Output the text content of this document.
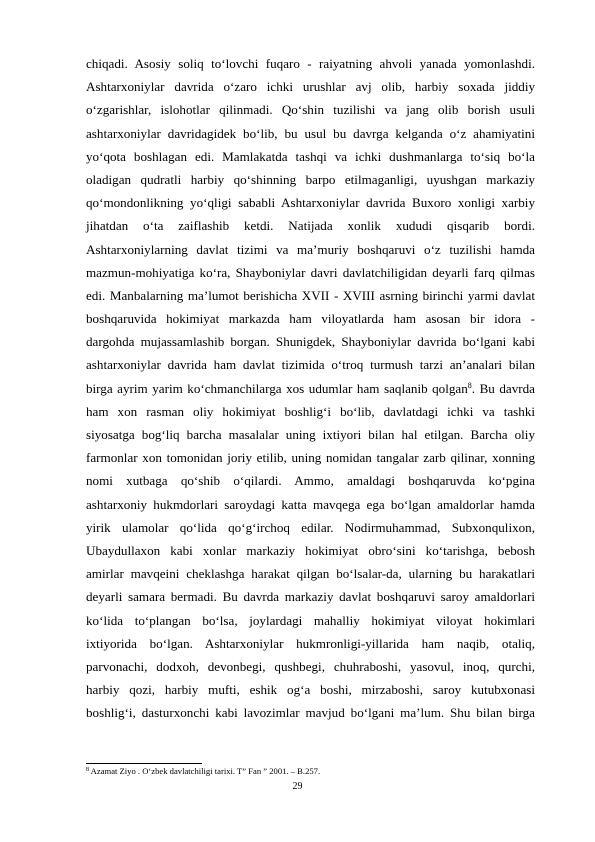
chiqadi. Asosiy soliq to‘lovchi fuqaro - raiyatning ahvoli yanada yomonlashdi.
Ashtarxoniylar davrida o‘zaro ichki urushlar avj olib, harbiy soxada jiddiy
o‘zgarishlar, islohotlar qilinmadi. Qo‘shin tuzilishi va jang olib borish usuli
ashtarxoniylar davridagidek bo‘lib, bu usul bu davrga kelganda o‘z ahamiyatini
yo‘qota boshlagan edi. Mamlakatda tashqi va ichki dushmanlarga to‘siq bo‘la
oladigan qudratli harbiy qo‘shinning barpo etilmaganligi, uyushgan markaziy
qo‘mondonlikning yo‘qligi sababli Ashtarxoniylar davrida Buxoro xonligi xarbiy
jihatdan o‘ta zaiflashib ketdi. Natijada xonlik xududi qisqarib bordi.
Ashtarxoniylarning davlat tizimi va ma’muriy boshqaruvi o‘z tuzilishi hamda
mazmun-mohiyatiga ko‘ra, Shayboniylar davri davlatchiligidan deyarli farq qilmas
edi. Manbalarning ma’lumot berishicha XVII - XVIII asrning birinchi yarmi davlat
boshqaruvida hokimiyat markazda ham viloyatlarda ham asosan bir idora -
dargohda mujassamlashib borgan. Shunigdek, Shayboniylar davrida bo‘lgani kabi
ashtarxoniylar davrida ham davlat tizimida o‘troq turmush tarzi an’analari bilan
birga ayrim yarim ko‘chmanchilarga xos udumlar ham saqlanib qolgan$^8$. Bu davrda
ham xon rasman oliy hokimiyat boshlig‘i bo‘lib, davlatdagi ichki va tashki
siyosatga bog‘liq barcha masalalar uning ixtiyori bilan hal etilgan. Barcha oliy
farmonlar xon tomonidan joriy etilib, uning nomidan tangalar zarb qilinar, xonning
nomi xutbaga qo‘shib o‘qilardi. Ammo, amaldagi boshqaruvda ko‘pgina
ashtarxoniy hukmdorlari saroydagi katta mavqega ega bo‘lgan amaldorlar hamda
yirik ulamolar qo‘lida qo‘g‘irchoq edilar. Nodirmuhammad, Subxonqulixon,
Ubaydullaxon kabi xonlar markaziy hokimiyat obro‘sini ko‘tarishga, bebosh
amirlar mavqeini cheklashga harakat qilgan bo‘lsalar-da, ularning bu harakatlari
deyarli samara bermadi. Bu davrda markaziy davlat boshqaruvi saroy amaldorlari
ko‘lida to‘plangan bo‘lsa, joylardagi mahalliy hokimiyat viloyat hokimlari
ixtiyorida bo‘lgan. Ashtarxoniylar hukmronligi-yillarida ham naqib, otaliq,
parvonachi, dodxoh, devonbegi, qushbegi, chuhraboshi, yasovul, inoq, qurchi,
harbiy qozi, harbiy mufti, eshik og‘a boshi, mirzaboshi, saroy kutubxonasi
boshlig‘i, dasturxonchi kabi lavozimlar mavjud bo‘lgani ma’lum. Shu bilan birga
$^8$ Azamat Ziyo . O‘zbek davlatchiligi tarixi. T” Fan ” 2001. – B.257.
29
